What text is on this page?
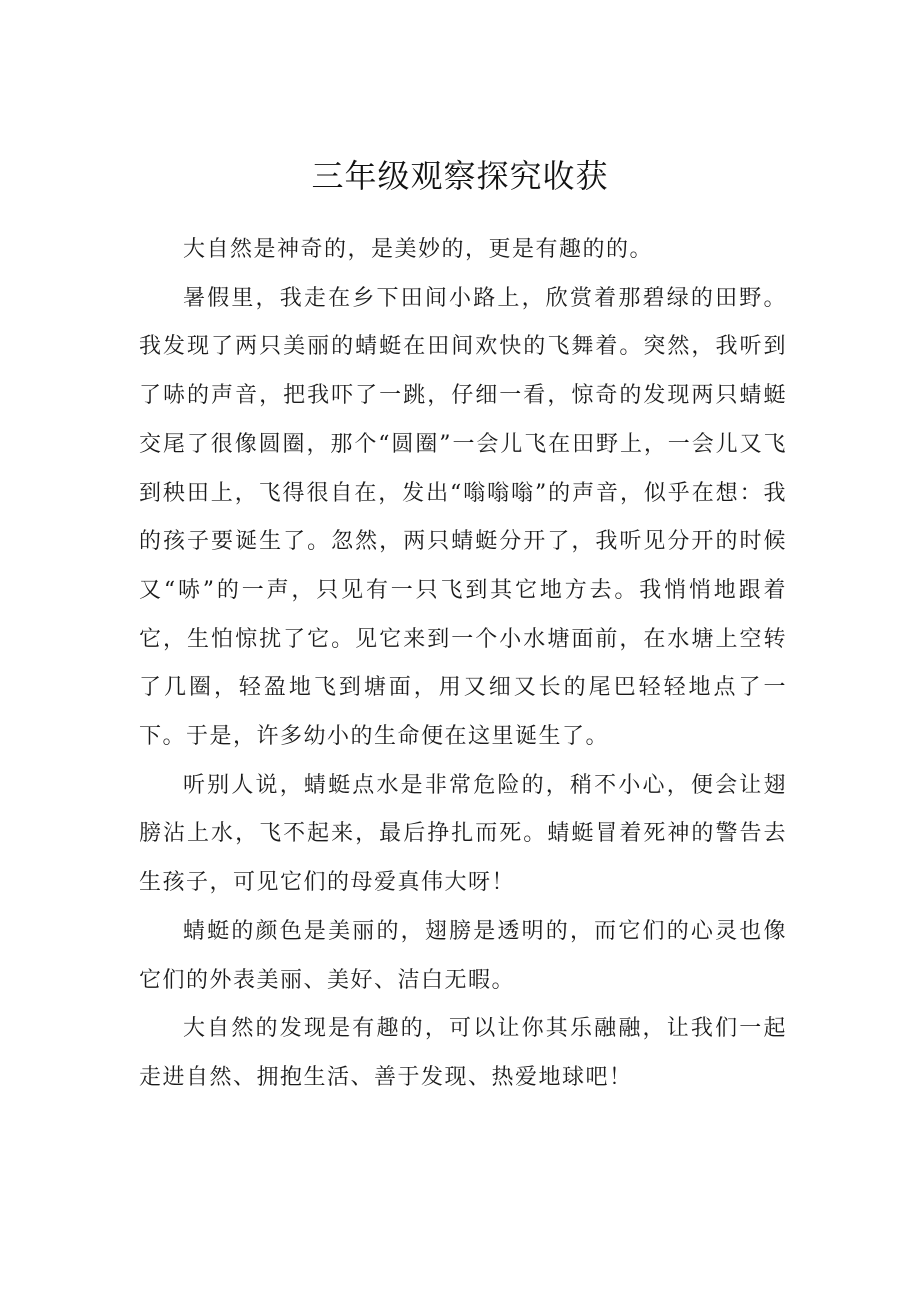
三年级观察探究收获

大自然是神奇的，是美妙的，更是有趣的的。

暑假里，我走在乡下田间小路上，欣赏着那碧绿的田野。我发现了两只美丽的蜻蜓在田间欢快的飞舞着。突然，我听到了哧的声音，把我吓了一跳，仔细一看，惊奇的发现两只蜻蜓交尾了很像圆圈，那个“圆圈”一会儿飞在田野上，一会儿又飞到秧田上，飞得很自在，发出“嗡嗡嗡”的声音，似乎在想：我的孩子要诞生了。忽然，两只蜻蜓分开了，我听见分开的时候又“哧”的一声，只见有一只飞到其它地方去。我悄悄地跟着它，生怕惊扰了它。见它来到一个小水塘面前，在水塘上空转了几圈，轻盈地飞到塘面，用又细又长的尾巴轻轻地点了一下。于是，许多幼小的生命便在这里诞生了。

听别人说，蜻蜓点水是非常危险的，稍不小心，便会让翅膀沾上水，飞不起来，最后挣扎而死。蜻蜓冒着死神的警告去生孩子，可见它们的母爱真伟大呀！

蜻蜓的颜色是美丽的，翅膀是透明的，而它们的心灵也像它们的外表美丽、美好、洁白无暇。

大自然的发现是有趣的，可以让你其乐融融，让我们一起走进自然、拥抱生活、善于发现、热爱地球吧！
